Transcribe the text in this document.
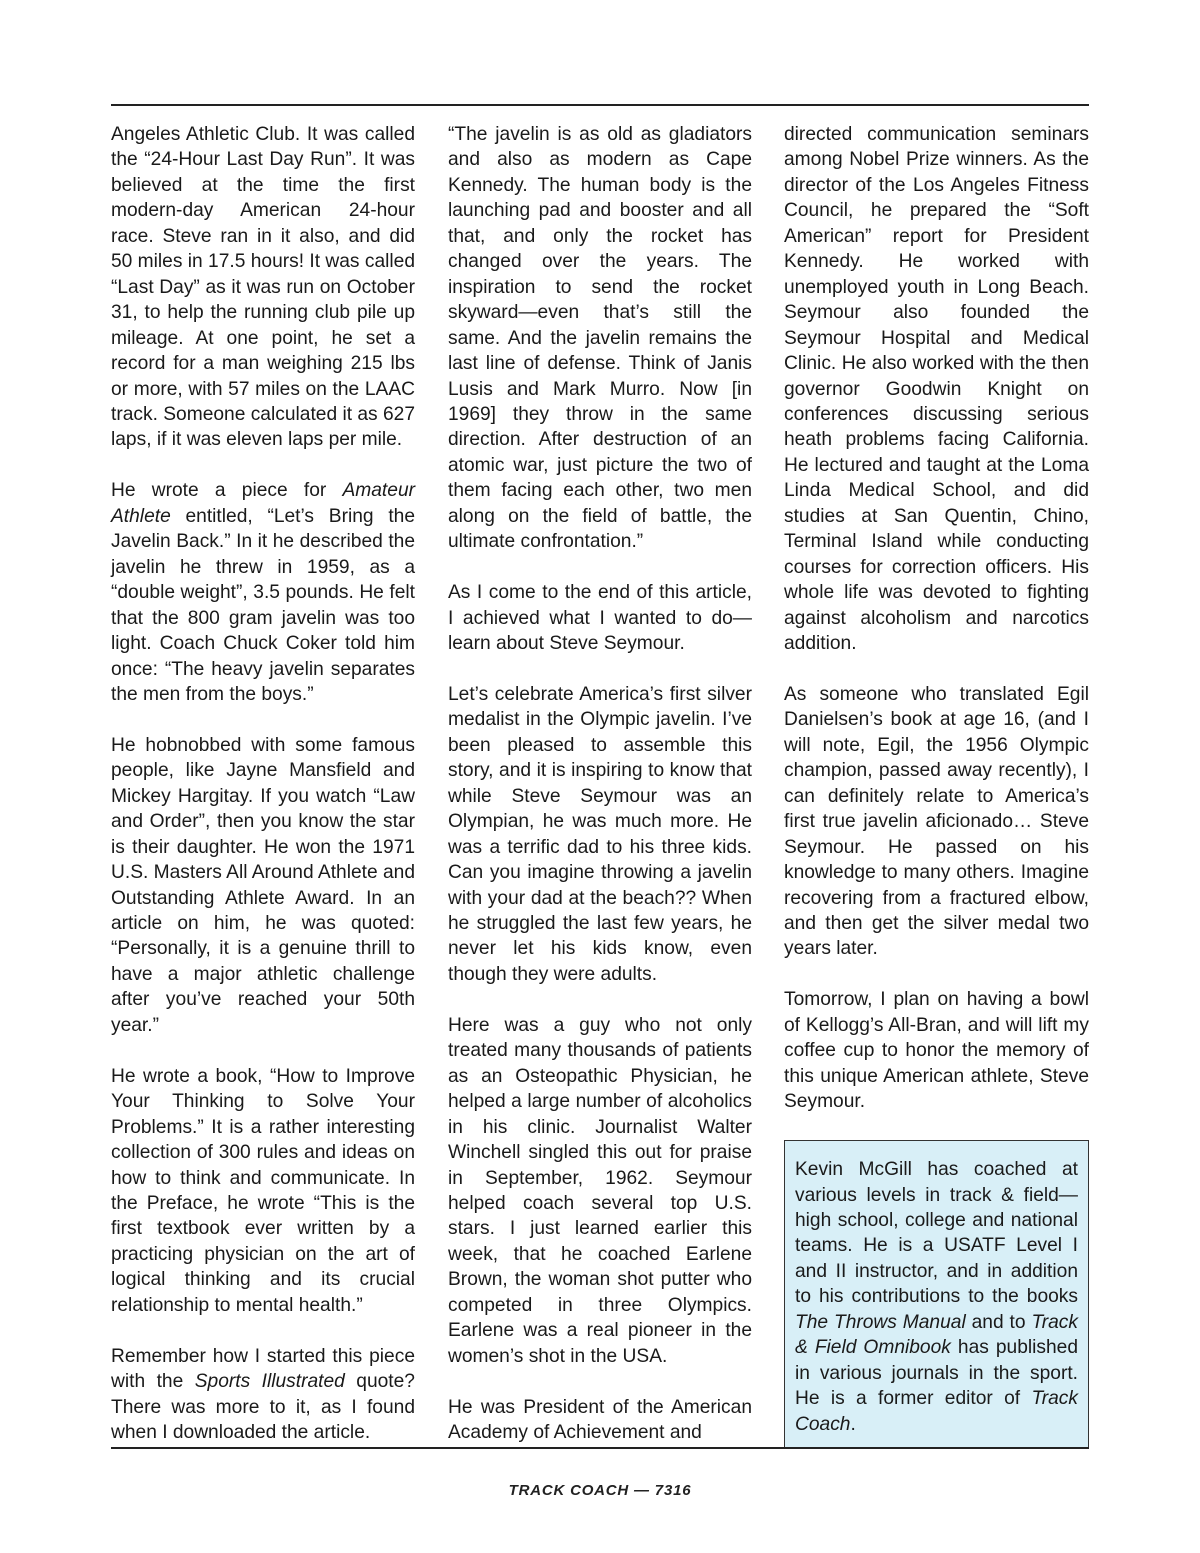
Angeles Athletic Club. It was called the “24-Hour Last Day Run”. It was believed at the time the first modern-day American 24-hour race. Steve ran in it also, and did 50 miles in 17.5 hours! It was called “Last Day” as it was run on October 31, to help the running club pile up mileage. At one point, he set a record for a man weighing 215 lbs or more, with 57 miles on the LAAC track. Someone calculated it as 627 laps, if it was eleven laps per mile.

He wrote a piece for Amateur Athlete entitled, “Let’s Bring the Javelin Back.” In it he described the javelin he threw in 1959, as a “double weight”, 3.5 pounds. He felt that the 800 gram javelin was too light. Coach Chuck Coker told him once: “The heavy javelin separates the men from the boys.”

He hobnobbed with some famous people, like Jayne Mansfield and Mickey Hargitay. If you watch “Law and Order”, then you know the star is their daughter. He won the 1971 U.S. Masters All Around Athlete and Outstanding Athlete Award. In an article on him, he was quoted: “Personally, it is a genuine thrill to have a major athletic challenge after you’ve reached your 50th year.”

He wrote a book, “How to Improve Your Thinking to Solve Your Problems.” It is a rather interesting collection of 300 rules and ideas on how to think and communicate. In the Preface, he wrote “This is the first textbook ever written by a practicing physician on the art of logical thinking and its crucial relationship to mental health.”

Remember how I started this piece with the Sports Illustrated quote? There was more to it, as I found when I downloaded the article.

“The javelin is as old as gladiators and also as modern as Cape Kennedy. The human body is the launching pad and booster and all that, and only the rocket has changed over the years. The inspiration to send the rocket skyward—even that’s still the same. And the javelin remains the last line of defense. Think of Janis Lusis and Mark Murro. Now [in 1969] they throw in the same direction. After destruction of an atomic war, just picture the two of them facing each other, two men along on the field of battle, the ultimate confrontation.”

As I come to the end of this article, I achieved what I wanted to do—learn about Steve Seymour.

Let’s celebrate America’s first silver medalist in the Olympic javelin. I’ve been pleased to assemble this story, and it is inspiring to know that while Steve Seymour was an Olympian, he was much more. He was a terrific dad to his three kids. Can you imagine throwing a javelin with your dad at the beach?? When he struggled the last few years, he never let his kids know, even though they were adults.

Here was a guy who not only treated many thousands of patients as an Osteopathic Physician, he helped a large number of alcoholics in his clinic. Journalist Walter Winchell singled this out for praise in September, 1962. Seymour helped coach several top U.S. stars. I just learned earlier this week, that he coached Earlene Brown, the woman shot putter who competed in three Olympics. Earlene was a real pioneer in the women’s shot in the USA.

He was President of the American Academy of Achievement and

directed communication seminars among Nobel Prize winners. As the director of the Los Angeles Fitness Council, he prepared the “Soft American” report for President Kennedy. He worked with unemployed youth in Long Beach. Seymour also founded the Seymour Hospital and Medical Clinic. He also worked with the then governor Goodwin Knight on conferences discussing serious heath problems facing California. He lectured and taught at the Loma Linda Medical School, and did studies at San Quentin, Chino, Terminal Island while conducting courses for correction officers. His whole life was devoted to fighting against alcoholism and narcotics addition.

As someone who translated Egil Danielsen’s book at age 16, (and I will note, Egil, the 1956 Olympic champion, passed away recently), I can definitely relate to America’s first true javelin aficionado… Steve Seymour. He passed on his knowledge to many others. Imagine recovering from a fractured elbow, and then get the silver medal two years later.

Tomorrow, I plan on having a bowl of Kellogg’s All-Bran, and will lift my coffee cup to honor the memory of this unique American athlete, Steve Seymour.

Kevin McGill has coached at various levels in track & field—high school, college and national teams. He is a USATF Level I and II instructor, and in addition to his contributions to the books The Throws Manual and to Track & Field Omnibook has published in various journals in the sport. He is a former editor of Track Coach.
TRACK COACH — 7316
